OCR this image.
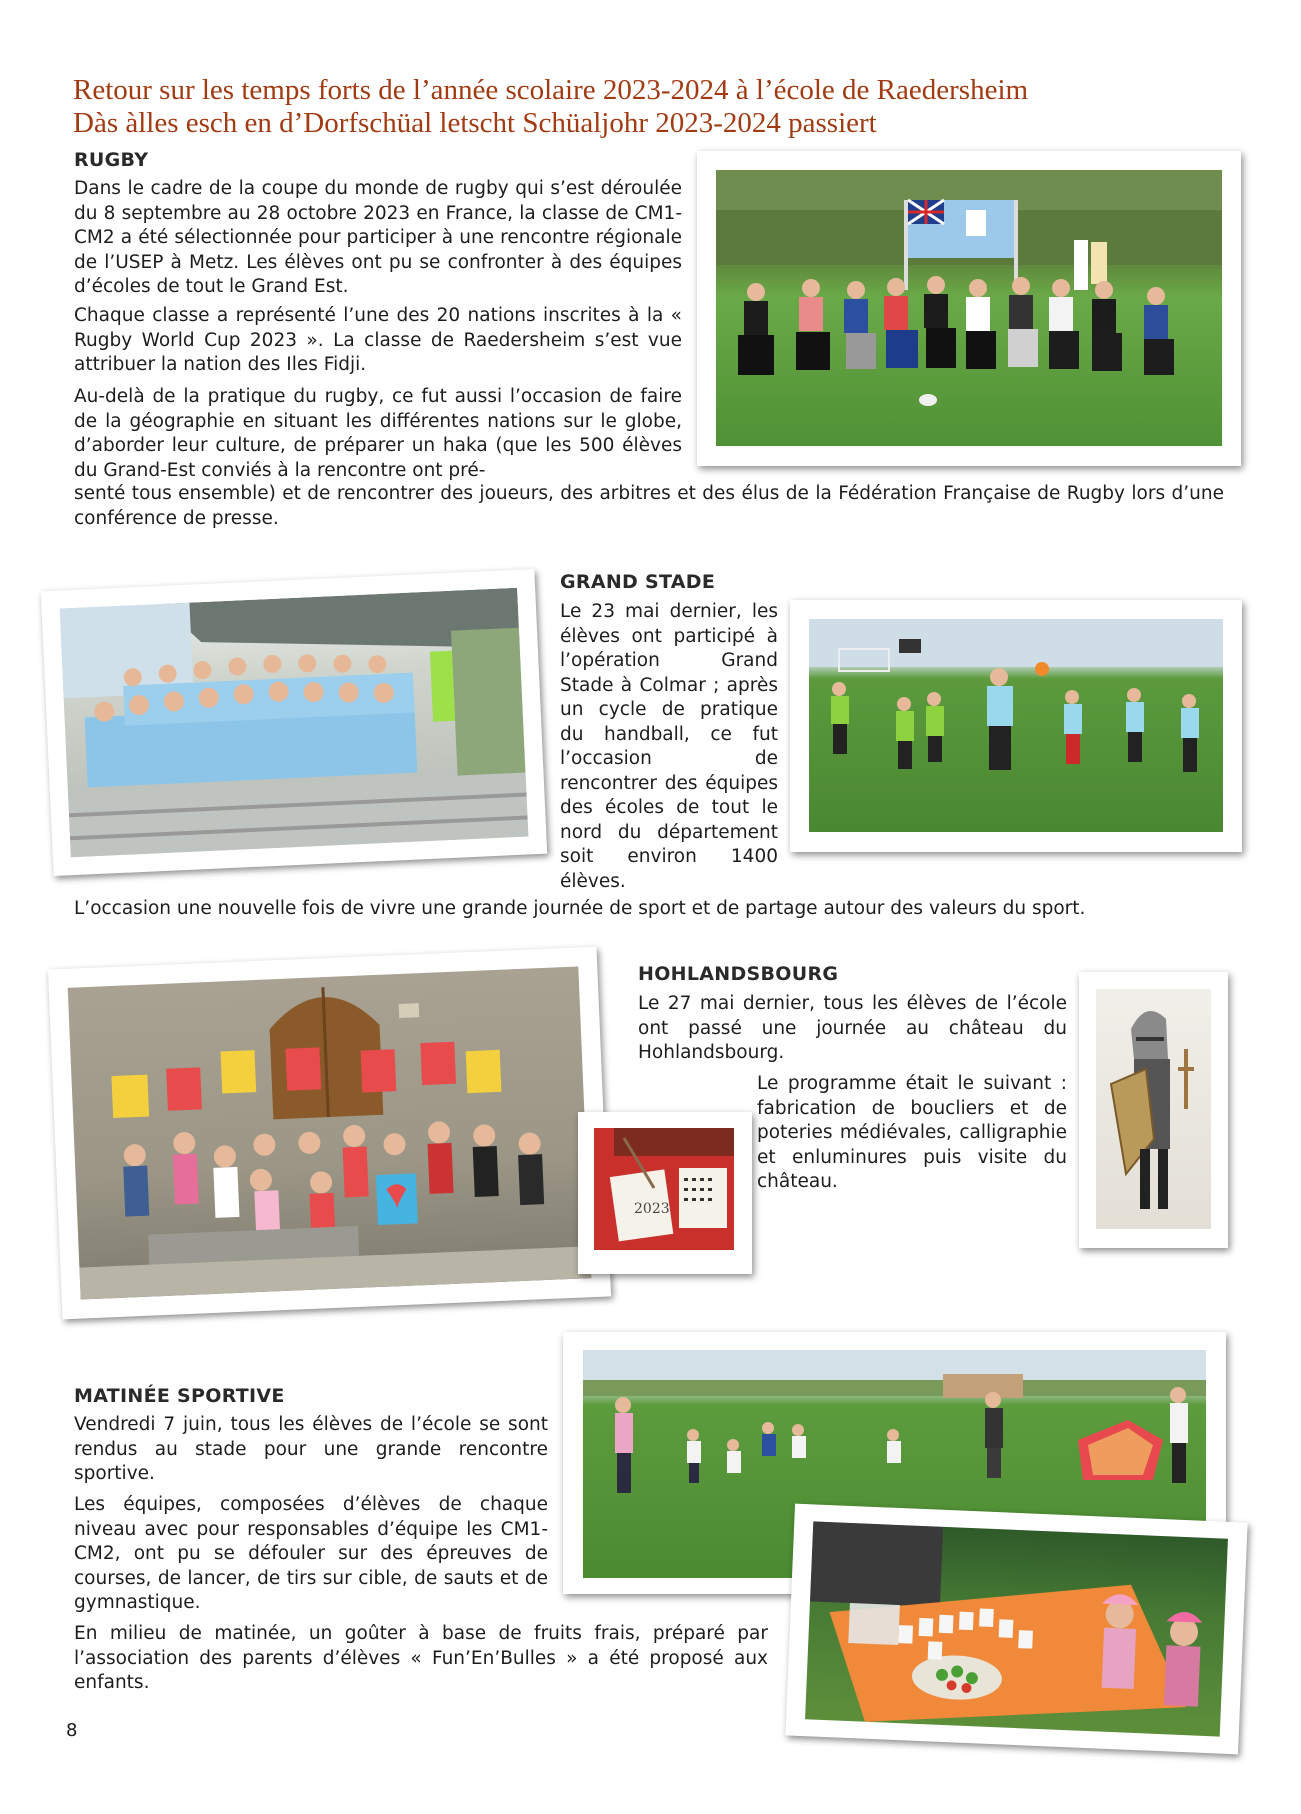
Retour sur les temps forts de l’année scolaire 2023-2024 à l’école de Raedersheim
Dàs àlles esch en d’Dorfschüal letscht Schüaljohr 2023-2024 passiert
RUGBY
Dans le cadre de la coupe du monde de rugby qui s’est déroulée du 8 septembre au 28 octobre 2023 en France, la classe de CM1-CM2 a été sélectionnée pour participer à une rencontre régionale de l’USEP à Metz. Les élèves ont pu se confronter à des équipes d’écoles de tout le Grand Est.
Chaque classe a représenté l’une des 20 nations inscrites à la « Rugby World Cup 2023 ». La classe de Raedersheim s’est vue attribuer la nation des Iles Fidji.
Au-delà de la pratique du rugby, ce fut aussi l’occasion de faire de la géographie en situant les différentes nations sur le globe, d’aborder leur culture, de préparer un haka (que les 500 élèves du Grand-Est conviés à la rencontre ont pré-
senté tous ensemble) et de rencontrer des joueurs, des arbitres et des élus de la Fédération Française de Rugby lors d’une conférence de presse.
GRAND STADE
Le 23 mai dernier, les élèves ont participé à l’opération Grand Stade à Colmar ; après un cycle de pratique du handball, ce fut l’occasion de rencontrer des équipes des écoles de tout le nord du département soit environ 1400 élèves.
L’occasion une nouvelle fois de vivre une grande journée de sport et de partage autour des valeurs du sport.
2023
HOHLANDSBOURG
Le 27 mai dernier, tous les élèves de l’école ont passé une journée au château du Hohlandsbourg.
Le programme était le suivant : fabrication de boucliers et de poteries médiévales, calligraphie et enluminures puis visite du château.
MATINÉE SPORTIVE
Vendredi 7 juin, tous les élèves de l’école se sont rendus au stade pour une grande rencontre sportive.
Les équipes, composées d’élèves de chaque niveau avec pour responsables d’équipe les CM1-CM2, ont pu se défouler sur des épreuves de courses, de lancer, de tirs sur cible, de sauts et de gymnastique.
En milieu de matinée, un goûter à base de fruits frais, préparé par l’association des parents d’élèves « Fun’En’Bulles » a été proposé aux enfants.
8
